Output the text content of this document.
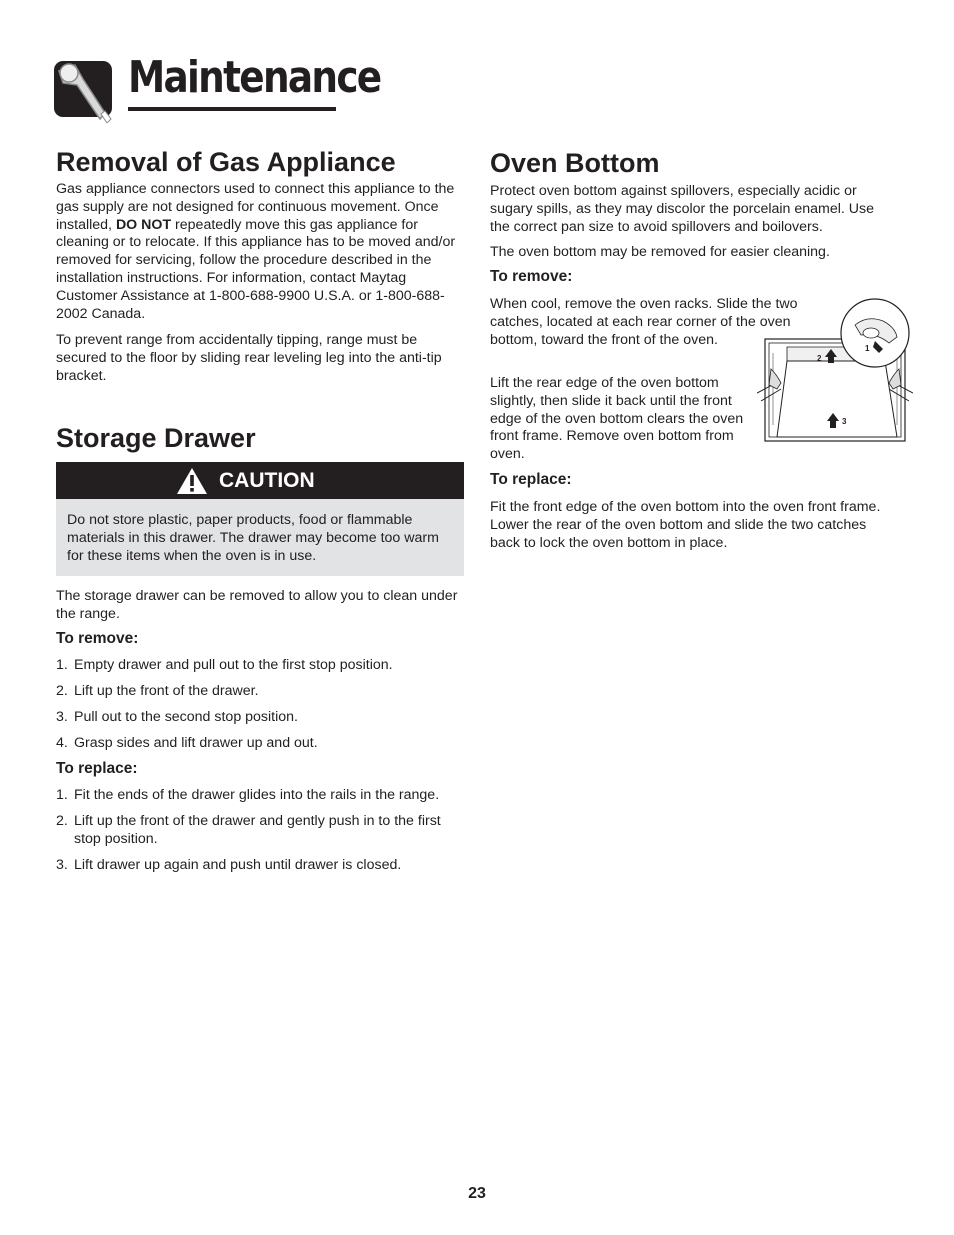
Maintenance
Removal of Gas Appliance

Gas appliance connectors used to connect this appliance to the gas supply are not designed for continuous movement. Once installed, DO NOT repeatedly move this gas appliance for cleaning or to relocate. If this appliance has to be moved and/or removed for servicing, follow the procedure described in the installation instructions. For information, contact Maytag Customer Assistance at 1-800-688-9900 U.S.A. or 1-800-688-2002 Canada.

To prevent range from accidentally tipping, range must be secured to the floor by sliding rear leveling leg into the anti-tip bracket.

Storage Drawer
CAUTION

Do not store plastic, paper products, food or flammable materials in this drawer. The drawer may become too warm for these items when the oven is in use.

The storage drawer can be removed to allow you to clean under the range.

To remove:
1. Empty drawer and pull out to the first stop position.
2. Lift up the front of the drawer.
3. Pull out to the second stop position.
4. Grasp sides and lift drawer up and out.
To replace:
1. Fit the ends of the drawer glides into the rails in the range.
2. Lift up the front of the drawer and gently push in to the first stop position.
3. Lift drawer up again and push until drawer is closed.
Oven Bottom

Protect oven bottom against spillovers, especially acidic or sugary spills, as they may discolor the porcelain enamel. Use the correct pan size to avoid spillovers and boilovers.

The oven bottom may be removed for easier cleaning.

To remove:

When cool, remove the oven racks. Slide the two catches, located at each rear corner of the oven bottom, toward the front of the oven.

Lift the rear edge of the oven bottom slightly, then slide it back until the front edge of the oven bottom clears the oven front frame. Remove oven bottom from oven.

To replace:

Fit the front edge of the oven bottom into the oven front frame. Lower the rear of the oven bottom and slide the two catches back to lock the oven bottom in place.

1
2
3
23
